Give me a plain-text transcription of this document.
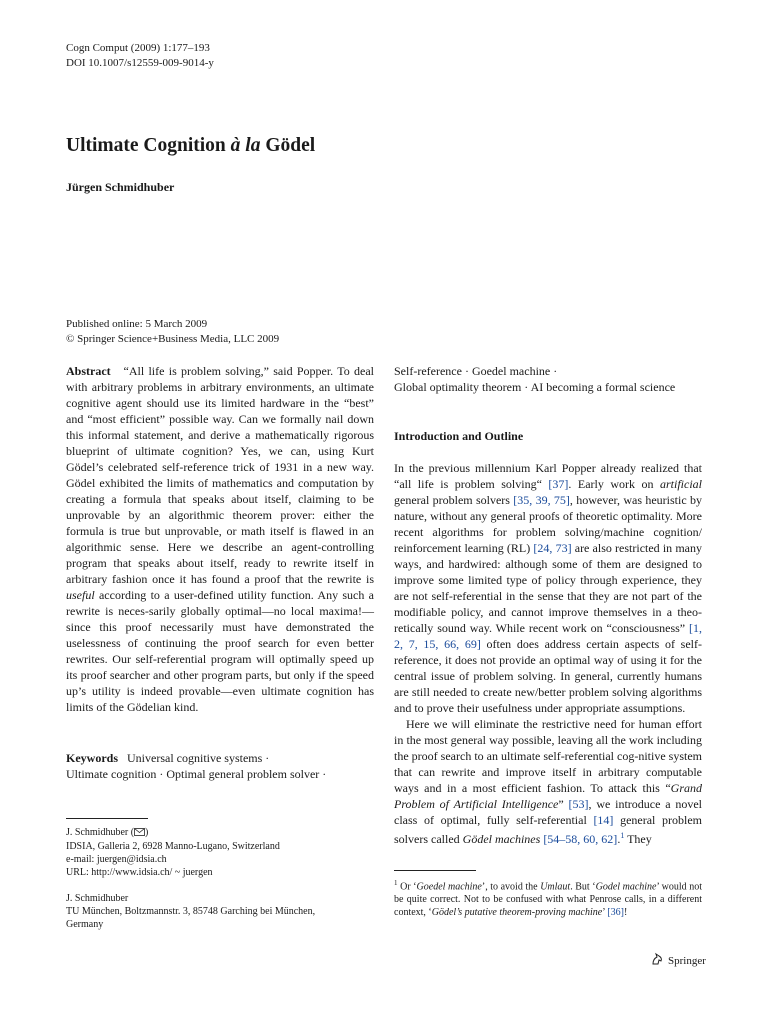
Cogn Comput (2009) 1:177–193
DOI 10.1007/s12559-009-9014-y
Ultimate Cognition à la Gödel
Jürgen Schmidhuber
Published online: 5 March 2009
© Springer Science+Business Media, LLC 2009

Abstract “All life is problem solving,” said Popper. To deal with arbitrary problems in arbitrary environments, an ultimate cognitive agent should use its limited hardware in the “best” and “most efficient” possible way. Can we formally nail down this informal statement, and derive a mathematically rigorous blueprint of ultimate cognition? Yes, we can, using Kurt Gödel’s celebrated self-reference trick of 1931 in a new way. Gödel exhibited the limits of mathematics and computation by creating a formula that speaks about itself, claiming to be unprovable by an algorithmic theorem prover: either the formula is true but unprovable, or math itself is flawed in an algorithmic sense. Here we describe an agent-controlling program that speaks about itself, ready to rewrite itself in arbitrary fashion once it has found a proof that the rewrite is useful according to a user-defined utility function. Any such a rewrite is neces-sarily globally optimal—no local maxima!—since this proof necessarily must have demonstrated the uselessness of continuing the proof search for even better rewrites. Our self-referential program will optimally speed up its proof searcher and other program parts, but only if the speed up’s utility is indeed provable—even ultimate cognition has limits of the Gödelian kind.

Keywords Universal cognitive systems ·
Ultimate cognition · Optimal general problem solver ·
Self-reference · Goedel machine ·
Global optimality theorem · AI becoming a formal science
Introduction and Outline

In the previous millennium Karl Popper already realized that “all life is problem solving“ [37]. Early work on artificial general problem solvers [35, 39, 75], however, was heuristic by nature, without any general proofs of theoretic optimality. More recent algorithms for problem solving/machine cognition/ reinforcement learning (RL) [24, 73] are also restricted in many ways, and hardwired: although some of them are designed to improve some limited type of policy through experience, they are not self-referential in the sense that they are not part of the modifiable policy, and cannot improve themselves in a theo-retically sound way. While recent work on “consciousness” [1, 2, 7, 15, 66, 69] often does address certain aspects of self-reference, it does not provide an optimal way of using it for the central issue of problem solving. In general, currently humans are still needed to create new/better problem solving algorithms and to prove their usefulness under appropriate assumptions.

Here we will eliminate the restrictive need for human effort in the most general way possible, leaving all the work including the proof search to an ultimate self-referential cog-nitive system that can rewrite and improve itself in arbitrary computable ways and in a most efficient fashion. To attack this “Grand Problem of Artificial Intelligence” [53], we introduce a novel class of optimal, fully self-referential [14] general problem solvers called Gödel machines [54–58, 60, 62].$^1$ They

J. Schmidhuber ( )
IDSIA, Galleria 2, 6928 Manno-Lugano, Switzerland
e-mail: juergen@idsia.ch
URL: http://www.idsia.ch/ ~ juergen
J. Schmidhuber
TU München, Boltzmannstr. 3, 85748 Garching bei München,
Germany
$^1$ Or ‘Goedel machine’, to avoid the Umlaut. But ‘Godel machine’ would not be quite correct. Not to be confused with what Penrose calls, in a different context, ‘Gödel’s putative theorem-proving machine’ [36]!
Springer
